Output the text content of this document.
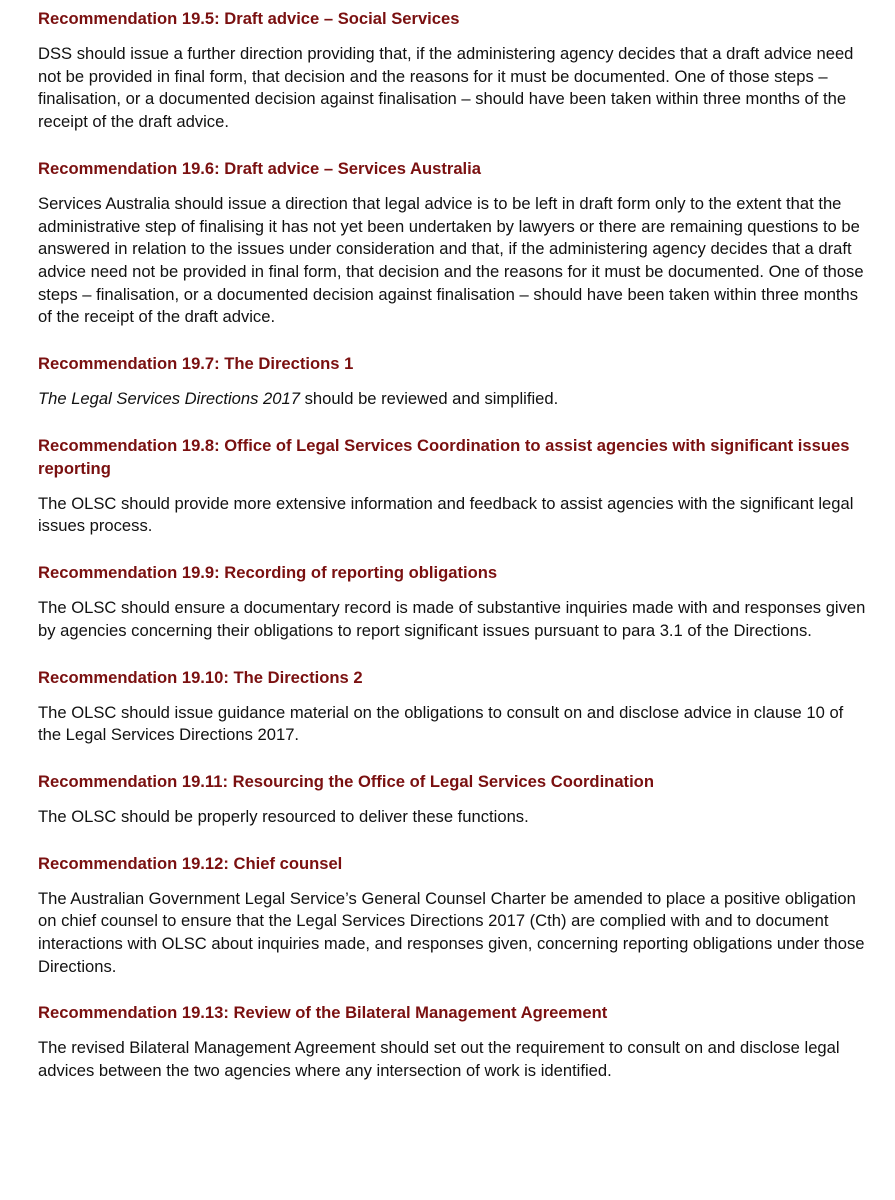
Recommendation 19.5: Draft advice – Social Services

DSS should issue a further direction providing that, if the administering agency decides that a draft advice need not be provided in final form, that decision and the reasons for it must be documented. One of those steps – finalisation, or a documented decision against finalisation – should have been taken within three months of the receipt of the draft advice.

Recommendation 19.6: Draft advice – Services Australia

Services Australia should issue a direction that legal advice is to be left in draft form only to the extent that the administrative step of finalising it has not yet been undertaken by lawyers or there are remaining questions to be answered in relation to the issues under consideration and that, if the administering agency decides that a draft advice need not be provided in final form, that decision and the reasons for it must be documented. One of those steps – finalisation, or a documented decision against finalisation – should have been taken within three months of the receipt of the draft advice.

Recommendation 19.7: The Directions 1

The Legal Services Directions 2017 should be reviewed and simplified.

Recommendation 19.8: Office of Legal Services Coordination to assist agencies with significant issues reporting

The OLSC should provide more extensive information and feedback to assist agencies with the significant legal issues process.

Recommendation 19.9: Recording of reporting obligations

The OLSC should ensure a documentary record is made of substantive inquiries made with and responses given by agencies concerning their obligations to report significant issues pursuant to para 3.1 of the Directions.

Recommendation 19.10: The Directions 2

The OLSC should issue guidance material on the obligations to consult on and disclose advice in clause 10 of the Legal Services Directions 2017.

Recommendation 19.11: Resourcing the Office of Legal Services Coordination

The OLSC should be properly resourced to deliver these functions.

Recommendation 19.12: Chief counsel

The Australian Government Legal Service’s General Counsel Charter be amended to place a positive obligation on chief counsel to ensure that the Legal Services Directions 2017 (Cth) are complied with and to document interactions with OLSC about inquiries made, and responses given, concerning reporting obligations under those Directions.

Recommendation 19.13: Review of the Bilateral Management Agreement

The revised Bilateral Management Agreement should set out the requirement to consult on and disclose legal advices between the two agencies where any intersection of work is identified.
